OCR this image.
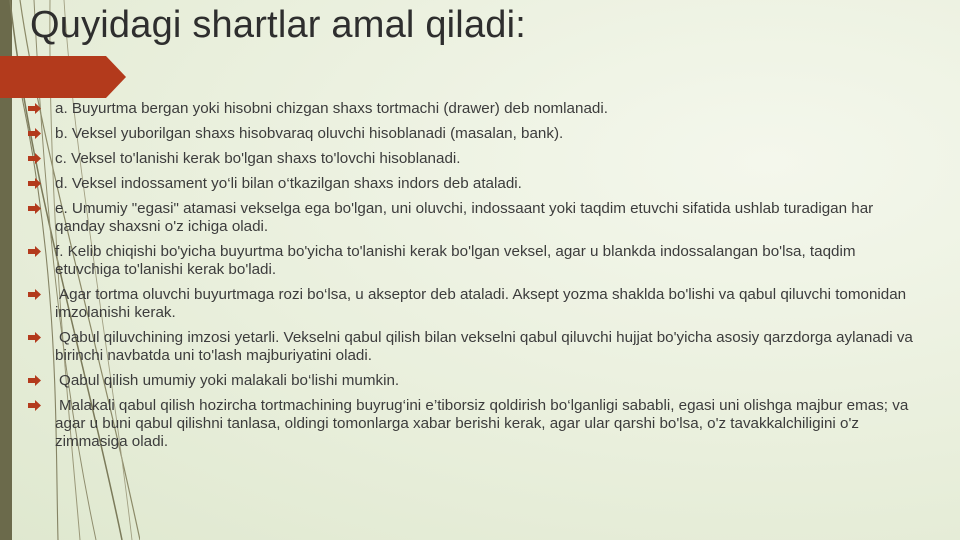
Quyidagi shartlar amal qiladi:
a. Buyurtma bergan yoki hisobni chizgan shaxs tortmachi (drawer) deb nomlanadi.
b. Veksel yuborilgan shaxs hisobvaraq oluvchi hisoblanadi (masalan, bank).
c. Veksel to'lanishi kerak bo'lgan shaxs to'lovchi hisoblanadi.
d. Veksel indossament yo‘li bilan o‘tkazilgan shaxs indors deb ataladi.
e. Umumiy "egasi" atamasi vekselga ega bo'lgan, uni oluvchi, indossaant yoki taqdim etuvchi sifatida ushlab turadigan har qanday shaxsni o'z ichiga oladi.
f. Kelib chiqishi bo'yicha buyurtma bo'yicha to'lanishi kerak bo'lgan veksel, agar u blankda indossalangan bo'lsa, taqdim etuvchiga to'lanishi kerak bo'ladi.
Agar tortma oluvchi buyurtmaga rozi bo‘lsa, u akseptor deb ataladi. Aksept yozma shaklda bo'lishi va qabul qiluvchi tomonidan imzolanishi kerak.
Qabul qiluvchining imzosi yetarli. Vekselni qabul qilish bilan vekselni qabul qiluvchi hujjat bo'yicha asosiy qarzdorga aylanadi va birinchi navbatda uni to'lash majburiyatini oladi.
Qabul qilish umumiy yoki malakali bo‘lishi mumkin.
Malakali qabul qilish hozircha tortmachining buyrug‘ini e’tiborsiz qoldirish bo‘lganligi sababli, egasi uni olishga majbur emas; va agar u buni qabul qilishni tanlasa, oldingi tomonlarga xabar berishi kerak, agar ular qarshi bo'lsa, o'z tavakkalchiligini o'z zimmasiga oladi.
